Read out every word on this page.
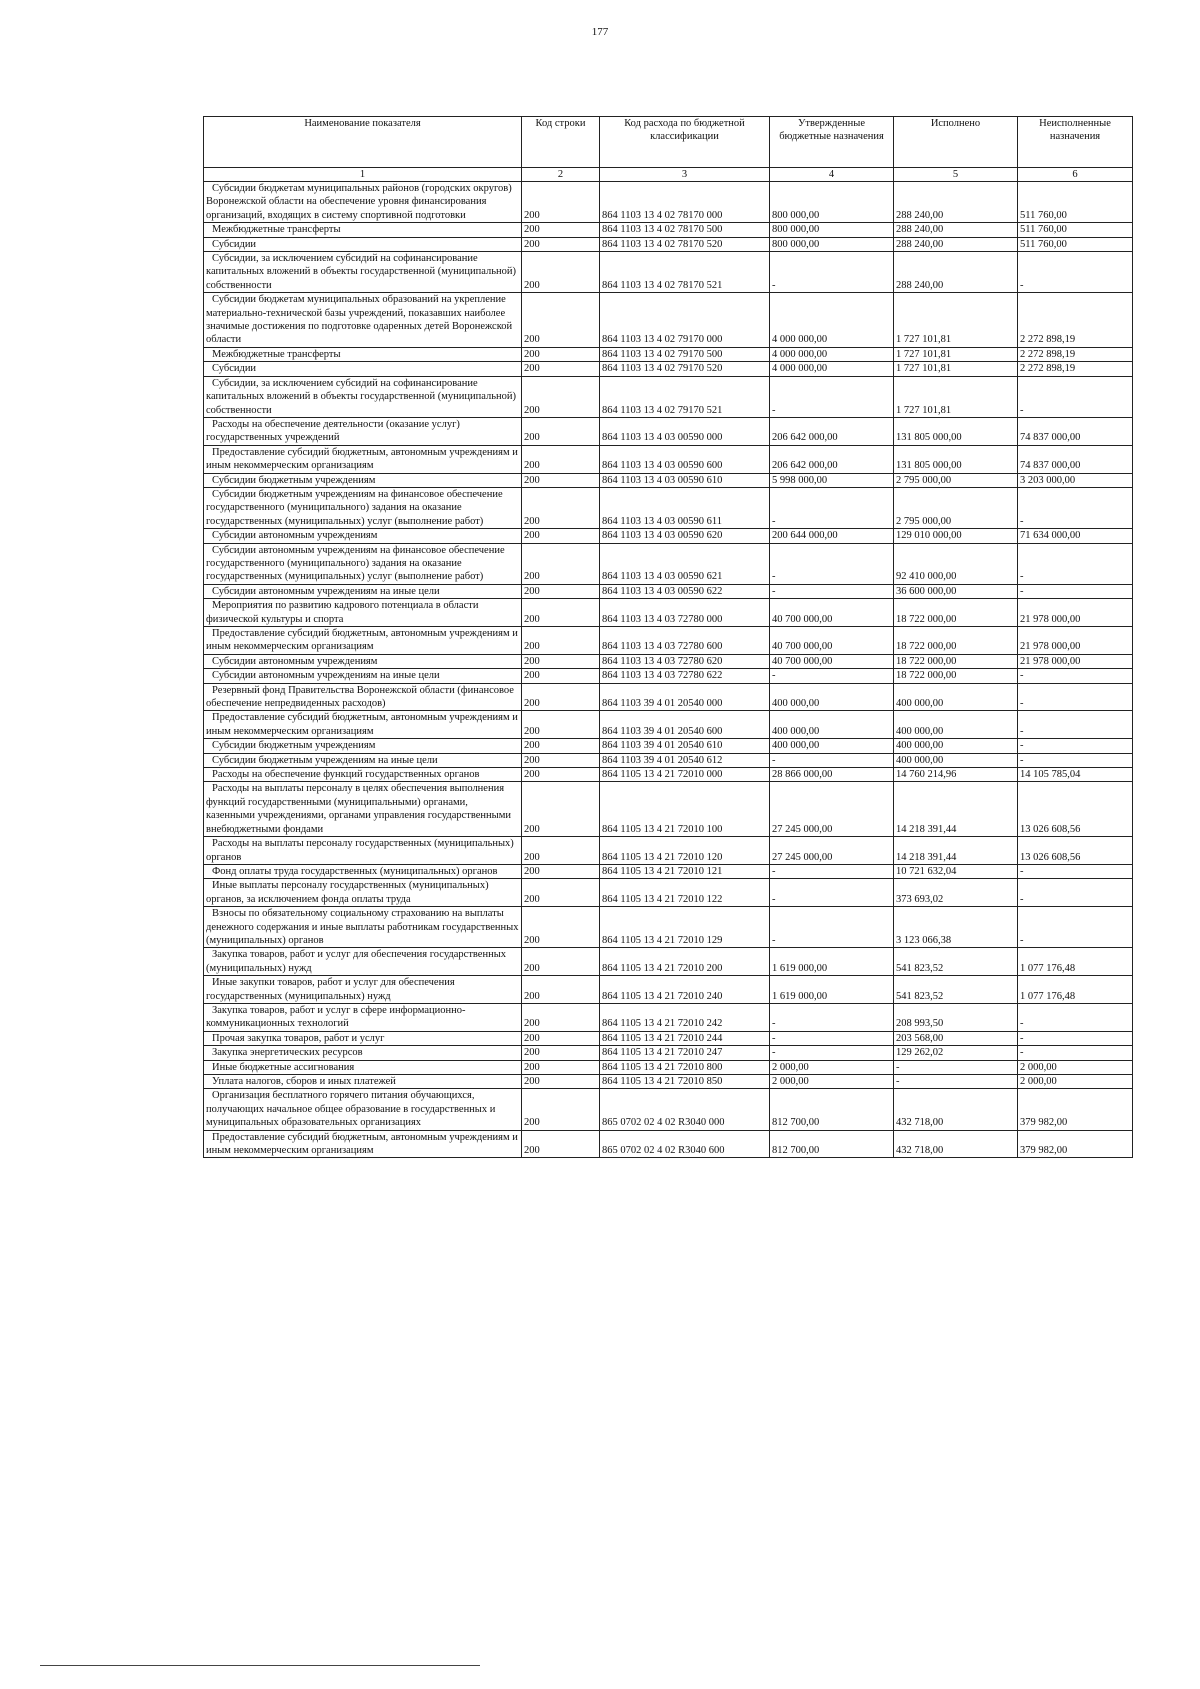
177
Наименование показателя	Код строки	Код расхода по бюджетной классификации	Утвержденные бюджетные назначения	Исполнено	Неисполненные назначения
1	2	3	4	5	6
Субсидии бюджетам муниципальных районов (городских округов) Воронежской области на обеспечение уровня финансирования организаций, входящих в систему спортивной подготовки	200	864 1103 13 4 02 78170 000	800 000,00	288 240,00	511 760,00
Межбюджетные трансферты	200	864 1103 13 4 02 78170 500	800 000,00	288 240,00	511 760,00
Субсидии	200	864 1103 13 4 02 78170 520	800 000,00	288 240,00	511 760,00
Субсидии, за исключением субсидий на софинансирование капитальных вложений в объекты государственной (муниципальной) собственности	200	864 1103 13 4 02 78170 521	-	288 240,00	-
Субсидии бюджетам муниципальных образований на укрепление материально-технической базы учреждений, показавших наиболее значимые достижения по подготовке одаренных детей Воронежской области	200	864 1103 13 4 02 79170 000	4 000 000,00	1 727 101,81	2 272 898,19
Межбюджетные трансферты	200	864 1103 13 4 02 79170 500	4 000 000,00	1 727 101,81	2 272 898,19
Субсидии	200	864 1103 13 4 02 79170 520	4 000 000,00	1 727 101,81	2 272 898,19
Субсидии, за исключением субсидий на софинансирование капитальных вложений в объекты государственной (муниципальной) собственности	200	864 1103 13 4 02 79170 521	-	1 727 101,81	-
Расходы на обеспечение деятельности (оказание услуг) государственных учреждений	200	864 1103 13 4 03 00590 000	206 642 000,00	131 805 000,00	74 837 000,00
Предоставление субсидий бюджетным, автономным учреждениям и иным некоммерческим организациям	200	864 1103 13 4 03 00590 600	206 642 000,00	131 805 000,00	74 837 000,00
Субсидии бюджетным учреждениям	200	864 1103 13 4 03 00590 610	5 998 000,00	2 795 000,00	3 203 000,00
Субсидии бюджетным учреждениям на финансовое обеспечение государственного (муниципального) задания на оказание государственных (муниципальных) услуг (выполнение работ)	200	864 1103 13 4 03 00590 611	-	2 795 000,00	-
Субсидии автономным учреждениям	200	864 1103 13 4 03 00590 620	200 644 000,00	129 010 000,00	71 634 000,00
Субсидии автономным учреждениям на финансовое обеспечение государственного (муниципального) задания на оказание государственных (муниципальных) услуг (выполнение работ)	200	864 1103 13 4 03 00590 621	-	92 410 000,00	-
Субсидии автономным учреждениям на иные цели	200	864 1103 13 4 03 00590 622	-	36 600 000,00	-
Мероприятия по развитию кадрового потенциала в области физической культуры и спорта	200	864 1103 13 4 03 72780 000	40 700 000,00	18 722 000,00	21 978 000,00
Предоставление субсидий бюджетным, автономным учреждениям и иным некоммерческим организациям	200	864 1103 13 4 03 72780 600	40 700 000,00	18 722 000,00	21 978 000,00
Субсидии автономным учреждениям	200	864 1103 13 4 03 72780 620	40 700 000,00	18 722 000,00	21 978 000,00
Субсидии автономным учреждениям на иные цели	200	864 1103 13 4 03 72780 622	-	18 722 000,00	-
Резервный фонд Правительства Воронежской области (финансовое обеспечение непредвиденных расходов)	200	864 1103 39 4 01 20540 000	400 000,00	400 000,00	-
Предоставление субсидий бюджетным, автономным учреждениям и иным некоммерческим организациям	200	864 1103 39 4 01 20540 600	400 000,00	400 000,00	-
Субсидии бюджетным учреждениям	200	864 1103 39 4 01 20540 610	400 000,00	400 000,00	-
Субсидии бюджетным учреждениям на иные цели	200	864 1103 39 4 01 20540 612	-	400 000,00	-
Расходы на обеспечение функций государственных органов	200	864 1105 13 4 21 72010 000	28 866 000,00	14 760 214,96	14 105 785,04
Расходы на выплаты персоналу в целях обеспечения выполнения функций государственными (муниципальными) органами, казенными учреждениями, органами управления государственными внебюджетными фондами	200	864 1105 13 4 21 72010 100	27 245 000,00	14 218 391,44	13 026 608,56
Расходы на выплаты персоналу государственных (муниципальных) органов	200	864 1105 13 4 21 72010 120	27 245 000,00	14 218 391,44	13 026 608,56
Фонд оплаты труда государственных (муниципальных) органов	200	864 1105 13 4 21 72010 121	-	10 721 632,04	-
Иные выплаты персоналу государственных (муниципальных) органов, за исключением фонда оплаты труда	200	864 1105 13 4 21 72010 122	-	373 693,02	-
Взносы по обязательному социальному страхованию на выплаты денежного содержания и иные выплаты работникам государственных (муниципальных) органов	200	864 1105 13 4 21 72010 129	-	3 123 066,38	-
Закупка товаров, работ и услуг для обеспечения государственных (муниципальных) нужд	200	864 1105 13 4 21 72010 200	1 619 000,00	541 823,52	1 077 176,48
Иные закупки товаров, работ и услуг для обеспечения государственных (муниципальных) нужд	200	864 1105 13 4 21 72010 240	1 619 000,00	541 823,52	1 077 176,48
Закупка товаров, работ и услуг в сфере информационно-коммуникационных технологий	200	864 1105 13 4 21 72010 242	-	208 993,50	-
Прочая закупка товаров, работ и услуг	200	864 1105 13 4 21 72010 244	-	203 568,00	-
Закупка энергетических ресурсов	200	864 1105 13 4 21 72010 247	-	129 262,02	-
Иные бюджетные ассигнования	200	864 1105 13 4 21 72010 800	2 000,00	-	2 000,00
Уплата налогов, сборов и иных платежей	200	864 1105 13 4 21 72010 850	2 000,00	-	2 000,00
Организация бесплатного горячего питания обучающихся, получающих начальное общее образование в государственных и муниципальных образовательных организациях	200	865 0702 02 4 02 R3040 000	812 700,00	432 718,00	379 982,00
Предоставление субсидий бюджетным, автономным учреждениям и иным некоммерческим организациям	200	865 0702 02 4 02 R3040 600	812 700,00	432 718,00	379 982,00
